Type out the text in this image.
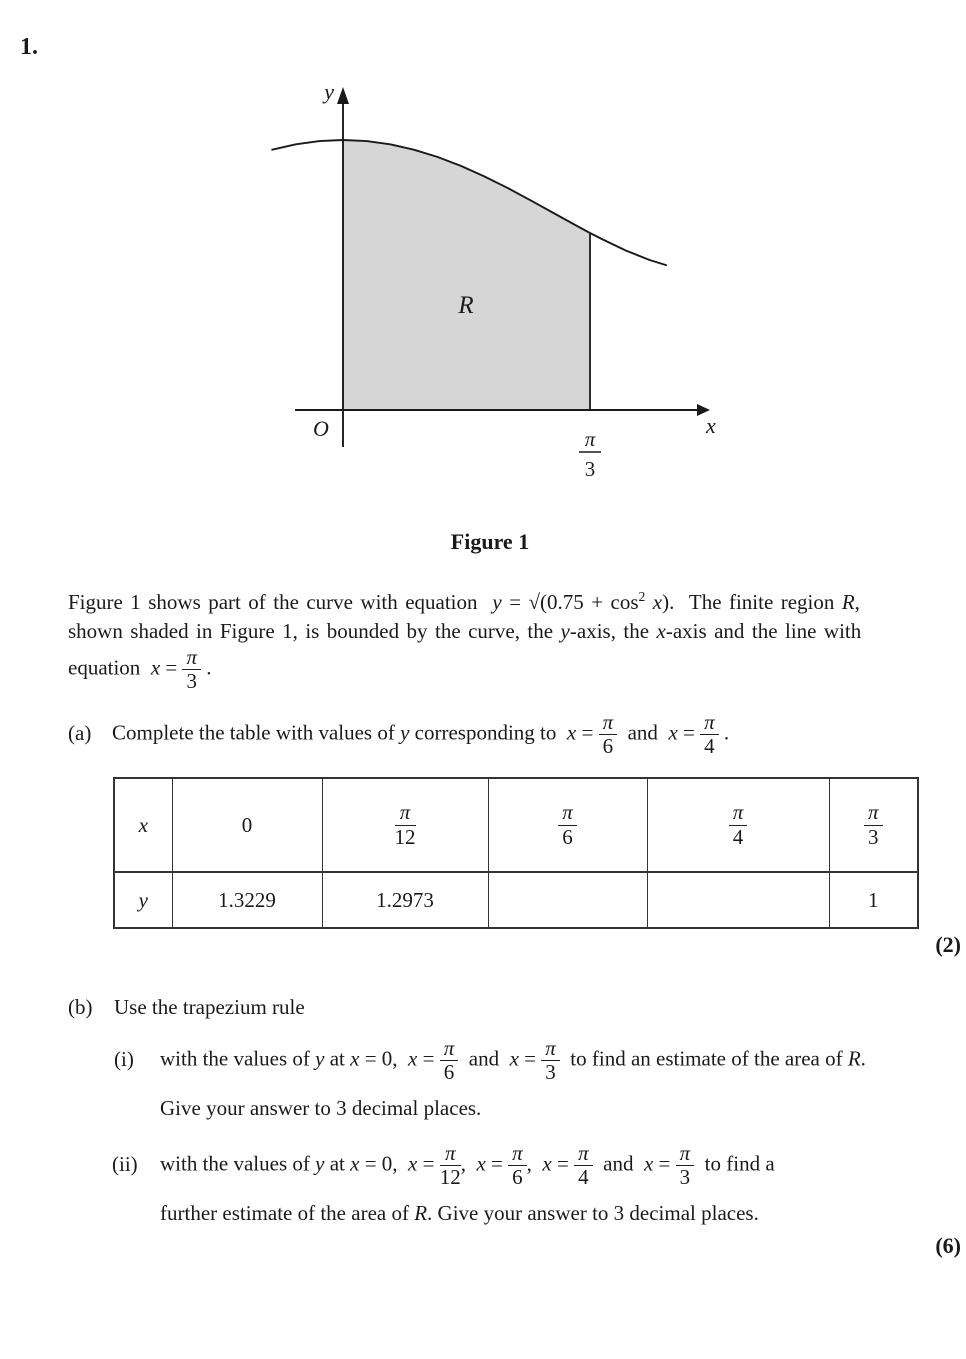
1.
y
x
O
R
π
3
Figure 1
Figure 1 shows part of the curve with equation  $y = √(0.75 + \cos^2 x)$.  The finite region R,
shown shaded in Figure 1, is bounded by the curve, the y-axis, the x-axis and the line with
equation  $x = \frac{\pi}{3}$ .
(a) Complete the table with values of y corresponding to  $x = \frac{\pi}{6}$ and  $x = \frac{\pi}{4}$ .
x	0	$\frac{\pi}{12}$	$\frac{\pi}{6}$	$\frac{\pi}{4}$	$\frac{\pi}{3}$

y	1.3229	1.2973			1
(2)
(b) Use the trapezium rule
(i) with the values of y at x = 0,  $x = \frac{\pi}{6}$ and  $x = \frac{\pi}{3}$ to find an estimate of the area of R.
Give your answer to 3 decimal places.
(ii) with the values of y at x = 0,  $x = \frac{\pi}{12}$ ,  $x = \frac{\pi}{6}$ ,  $x = \frac{\pi}{4}$ and  $x = \frac{\pi}{3}$ to find a
further estimate of the area of R. Give your answer to 3 decimal places.
(6)
